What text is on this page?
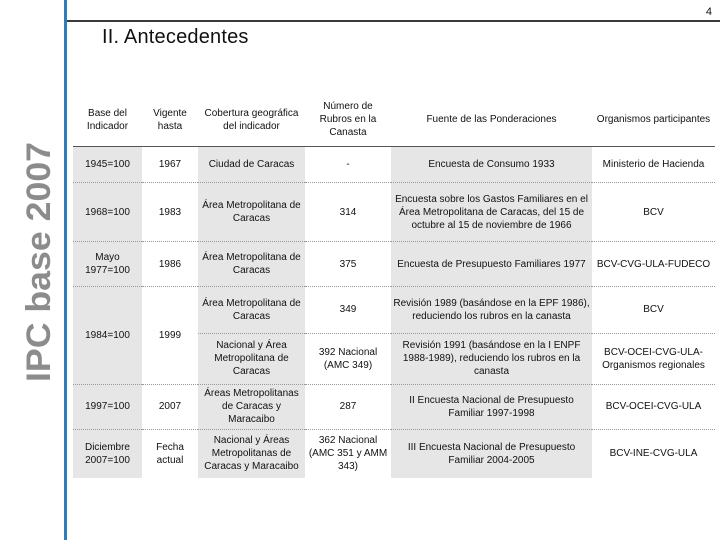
4
IPC base 2007
II. Antecedentes
Base del Indicador	Vigente hasta	Cobertura geográfica del indicador	Número de Rubros en la Canasta	Fuente de las Ponderaciones	Organismos participantes
1945=100	1967	Ciudad de Caracas	-	Encuesta de Consumo 1933	Ministerio de Hacienda
1968=100	1983	Área Metropolitana de Caracas	314	Encuesta sobre los Gastos Familiares en el Área Metropolitana de Caracas, del 15 de octubre al 15 de noviembre de 1966	BCV
Mayo 1977=100	1986	Área Metropolitana de Caracas	375	Encuesta de Presupuesto Familiares 1977	BCV-CVG-ULA-FUDECO
1984=100	1999	Área Metropolitana de Caracas	349	Revisión 1989 (basándose en la EPF 1986), reduciendo los rubros en la canasta	BCV
		Nacional y Área Metropolitana de Caracas	392 Nacional (AMC 349)	Revisión 1991 (basándose en la I ENPF 1988-1989), reduciendo los rubros en la canasta	BCV-OCEI-CVG-ULA-Organismos regionales
1997=100	2007	Áreas Metropolitanas de Caracas y Maracaibo	287	II Encuesta Nacional de Presupuesto Familiar 1997-1998	BCV-OCEI-CVG-ULA
Diciembre 2007=100	Fecha actual	Nacional y Áreas Metropolitanas de Caracas y Maracaibo	362 Nacional (AMC 351 y AMM 343)	III Encuesta Nacional de Presupuesto Familiar 2004-2005	BCV-INE-CVG-ULA
